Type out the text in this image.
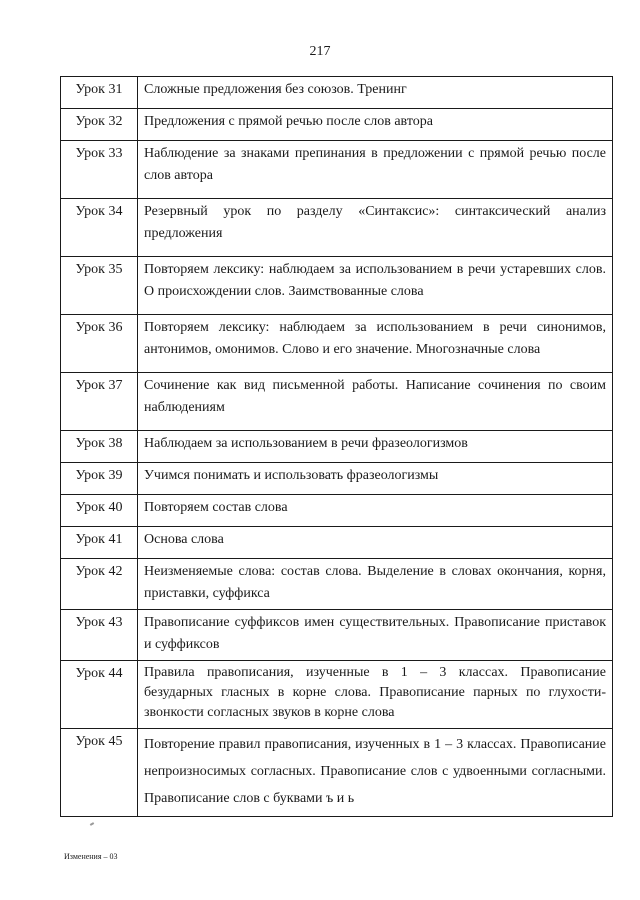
217
Урок 31	Сложные предложения без союзов. Тренинг
Урок 32	Предложения с прямой речью после слов автора
Урок 33	Наблюдение за знаками препинания в предложении с прямой речью после слов автора
Урок 34	Резервный урок по разделу «Синтаксис»: синтаксический анализ предложения
Урок 35	Повторяем лексику: наблюдаем за использованием в речи устаревших слов. О происхождении слов. Заимствованные слова
Урок 36	Повторяем лексику: наблюдаем за использованием в речи синонимов, антонимов, омонимов. Слово и его значение. Многозначные слова
Урок 37	Сочинение как вид письменной работы. Написание сочинения по своим наблюдениям
Урок 38	Наблюдаем за использованием в речи фразеологизмов
Урок 39	Учимся понимать и использовать фразеологизмы
Урок 40	Повторяем состав слова
Урок 41	Основа слова
Урок 42	Неизменяемые слова: состав слова. Выделение в словах окончания, корня, приставки, суффикса
Урок 43	Правописание суффиксов имен существительных. Правописание приставок и суффиксов
Урок 44	Правила правописания, изученные в 1 – 3 классах. Правописание безударных гласных в корне слова. Правописание парных по глухости-звонкости согласных звуков в корне слова
Урок 45	Повторение правил правописания, изученных в 1 – 3 классах. Правописание непроизносимых согласных. Правописание слов с удвоенными согласными. Правописание слов с буквами ъ и ь
Изменения – 03
